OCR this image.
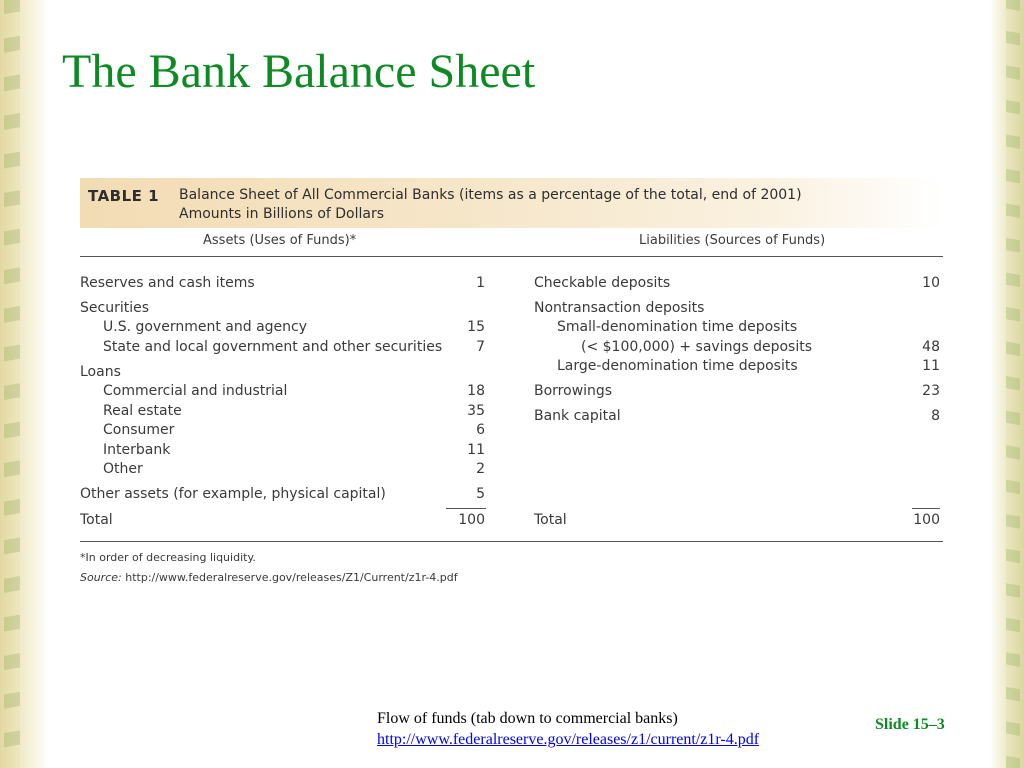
The Bank Balance Sheet
TABLE 1 Balance Sheet of All Commercial Banks (items as a percentage of the total, end of 2001)
Amounts in Billions of Dollars
Assets (Uses of Funds)*	Liabilities (Sources of Funds)
Reserves and cash items	1
Securities
U.S. government and agency	15
State and local government and other securities	7
Loans
Commercial and industrial	18
Real estate	35
Consumer	6
Interbank	11
Other	2
Other assets (for example, physical capital)	5
Total	100
Checkable deposits	10
Nontransaction deposits
Small-denomination time deposits
(< $100,000) + savings deposits	48
Large-denomination time deposits	11
Borrowings	23
Bank capital	8
Total	100
*In order of decreasing liquidity.
Source: http://www.federalreserve.gov/releases/Z1/Current/z1r-4.pdf
Flow of funds (tab down to commercial banks)
http://www.federalreserve.gov/releases/z1/current/z1r-4.pdf
Slide 15–3
